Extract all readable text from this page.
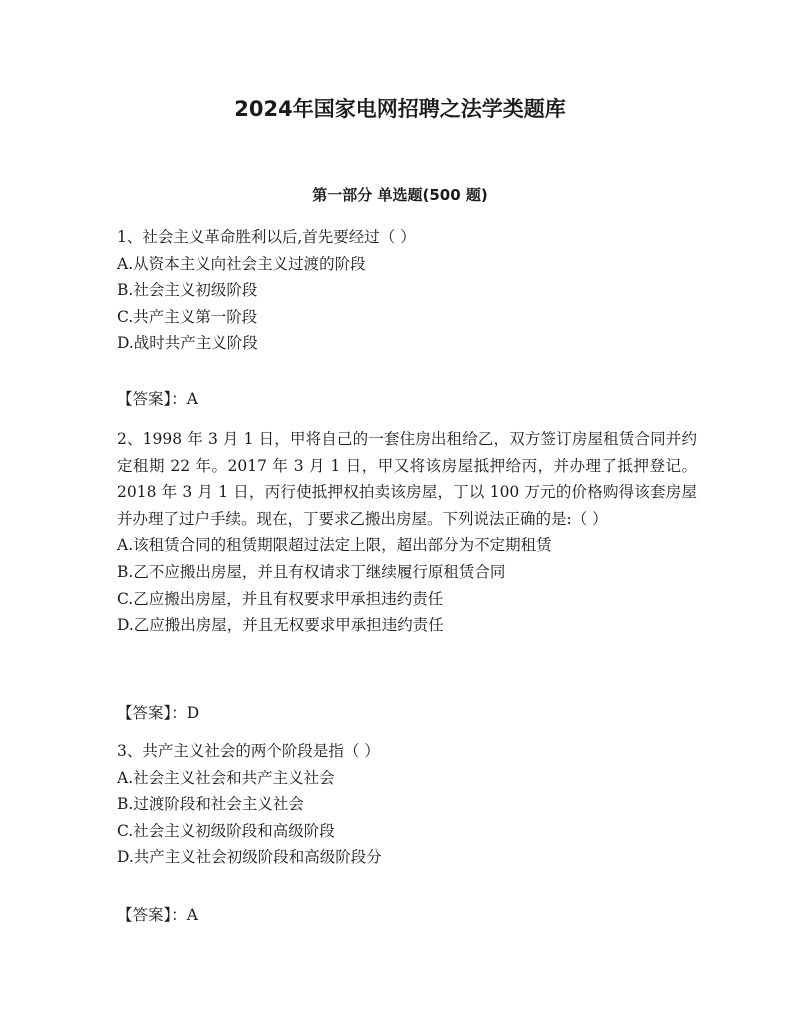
2024年国家电网招聘之法学类题库
第一部分 单选题(500 题)
1、社会主义革命胜利以后,首先要经过（ ）
A.从资本主义向社会主义过渡的阶段
B.社会主义初级阶段
C.共产主义第一阶段
D.战时共产主义阶段
【答案】：A
2、1998 年 3 月 1 日，甲将自己的一套住房出租给乙，双方签订房屋租赁合同并约定租期 22 年。2017 年 3 月 1 日，甲又将该房屋抵押给丙，并办理了抵押登记。2018 年 3 月 1 日，丙行使抵押权拍卖该房屋，丁以 100 万元的价格购得该套房屋并办理了过户手续。现在，丁要求乙搬出房屋。下列说法正确的是:（ ）
A.该租赁合同的租赁期限超过法定上限，超出部分为不定期租赁
B.乙不应搬出房屋，并且有权请求丁继续履行原租赁合同
C.乙应搬出房屋，并且有权要求甲承担违约责任
D.乙应搬出房屋，并且无权要求甲承担违约责任
【答案】：D
3、共产主义社会的两个阶段是指（ ）
A.社会主义社会和共产主义社会
B.过渡阶段和社会主义社会
C.社会主义初级阶段和高级阶段
D.共产主义社会初级阶段和高级阶段分
【答案】：A
